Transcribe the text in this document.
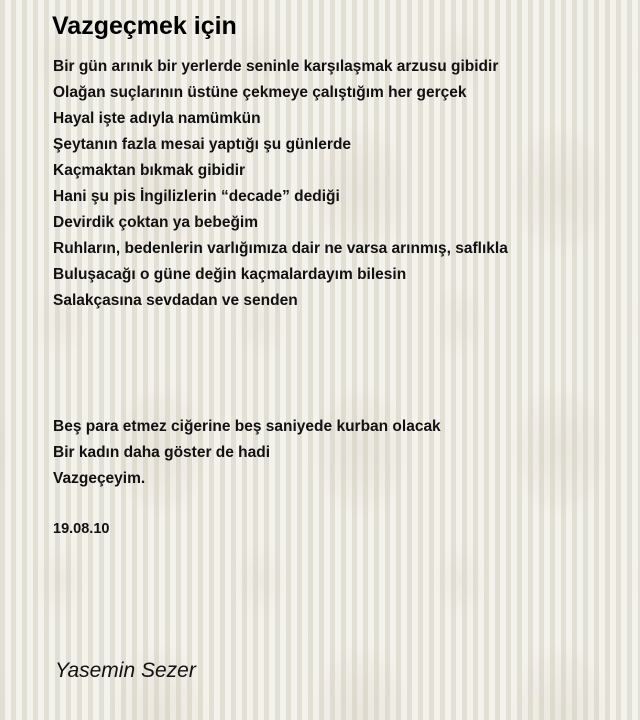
Vazgeçmek için
Bir gün arınık bir yerlerde seninle karşılaşmak arzusu gibidir
Olağan suçlarının üstüne çekmeye çalıştığım her gerçek
Hayal işte adıyla namümkün
Şeytanın fazla mesai yaptığı şu günlerde
Kaçmaktan bıkmak gibidir
Hani şu pis İngilizlerin “decade” dediği
Devirdik çoktan ya bebeğim
Ruhların, bedenlerin varlığımıza dair ne varsa arınmış, saflıkla
Buluşacağı o güne değin kaçmalardayım bilesin
Salakçasına sevdadan ve senden
Beş para etmez ciğerine beş saniyede kurban olacak
Bir kadın daha göster de hadi
Vazgeçeyim.
19.08.10
Yasemin Sezer
